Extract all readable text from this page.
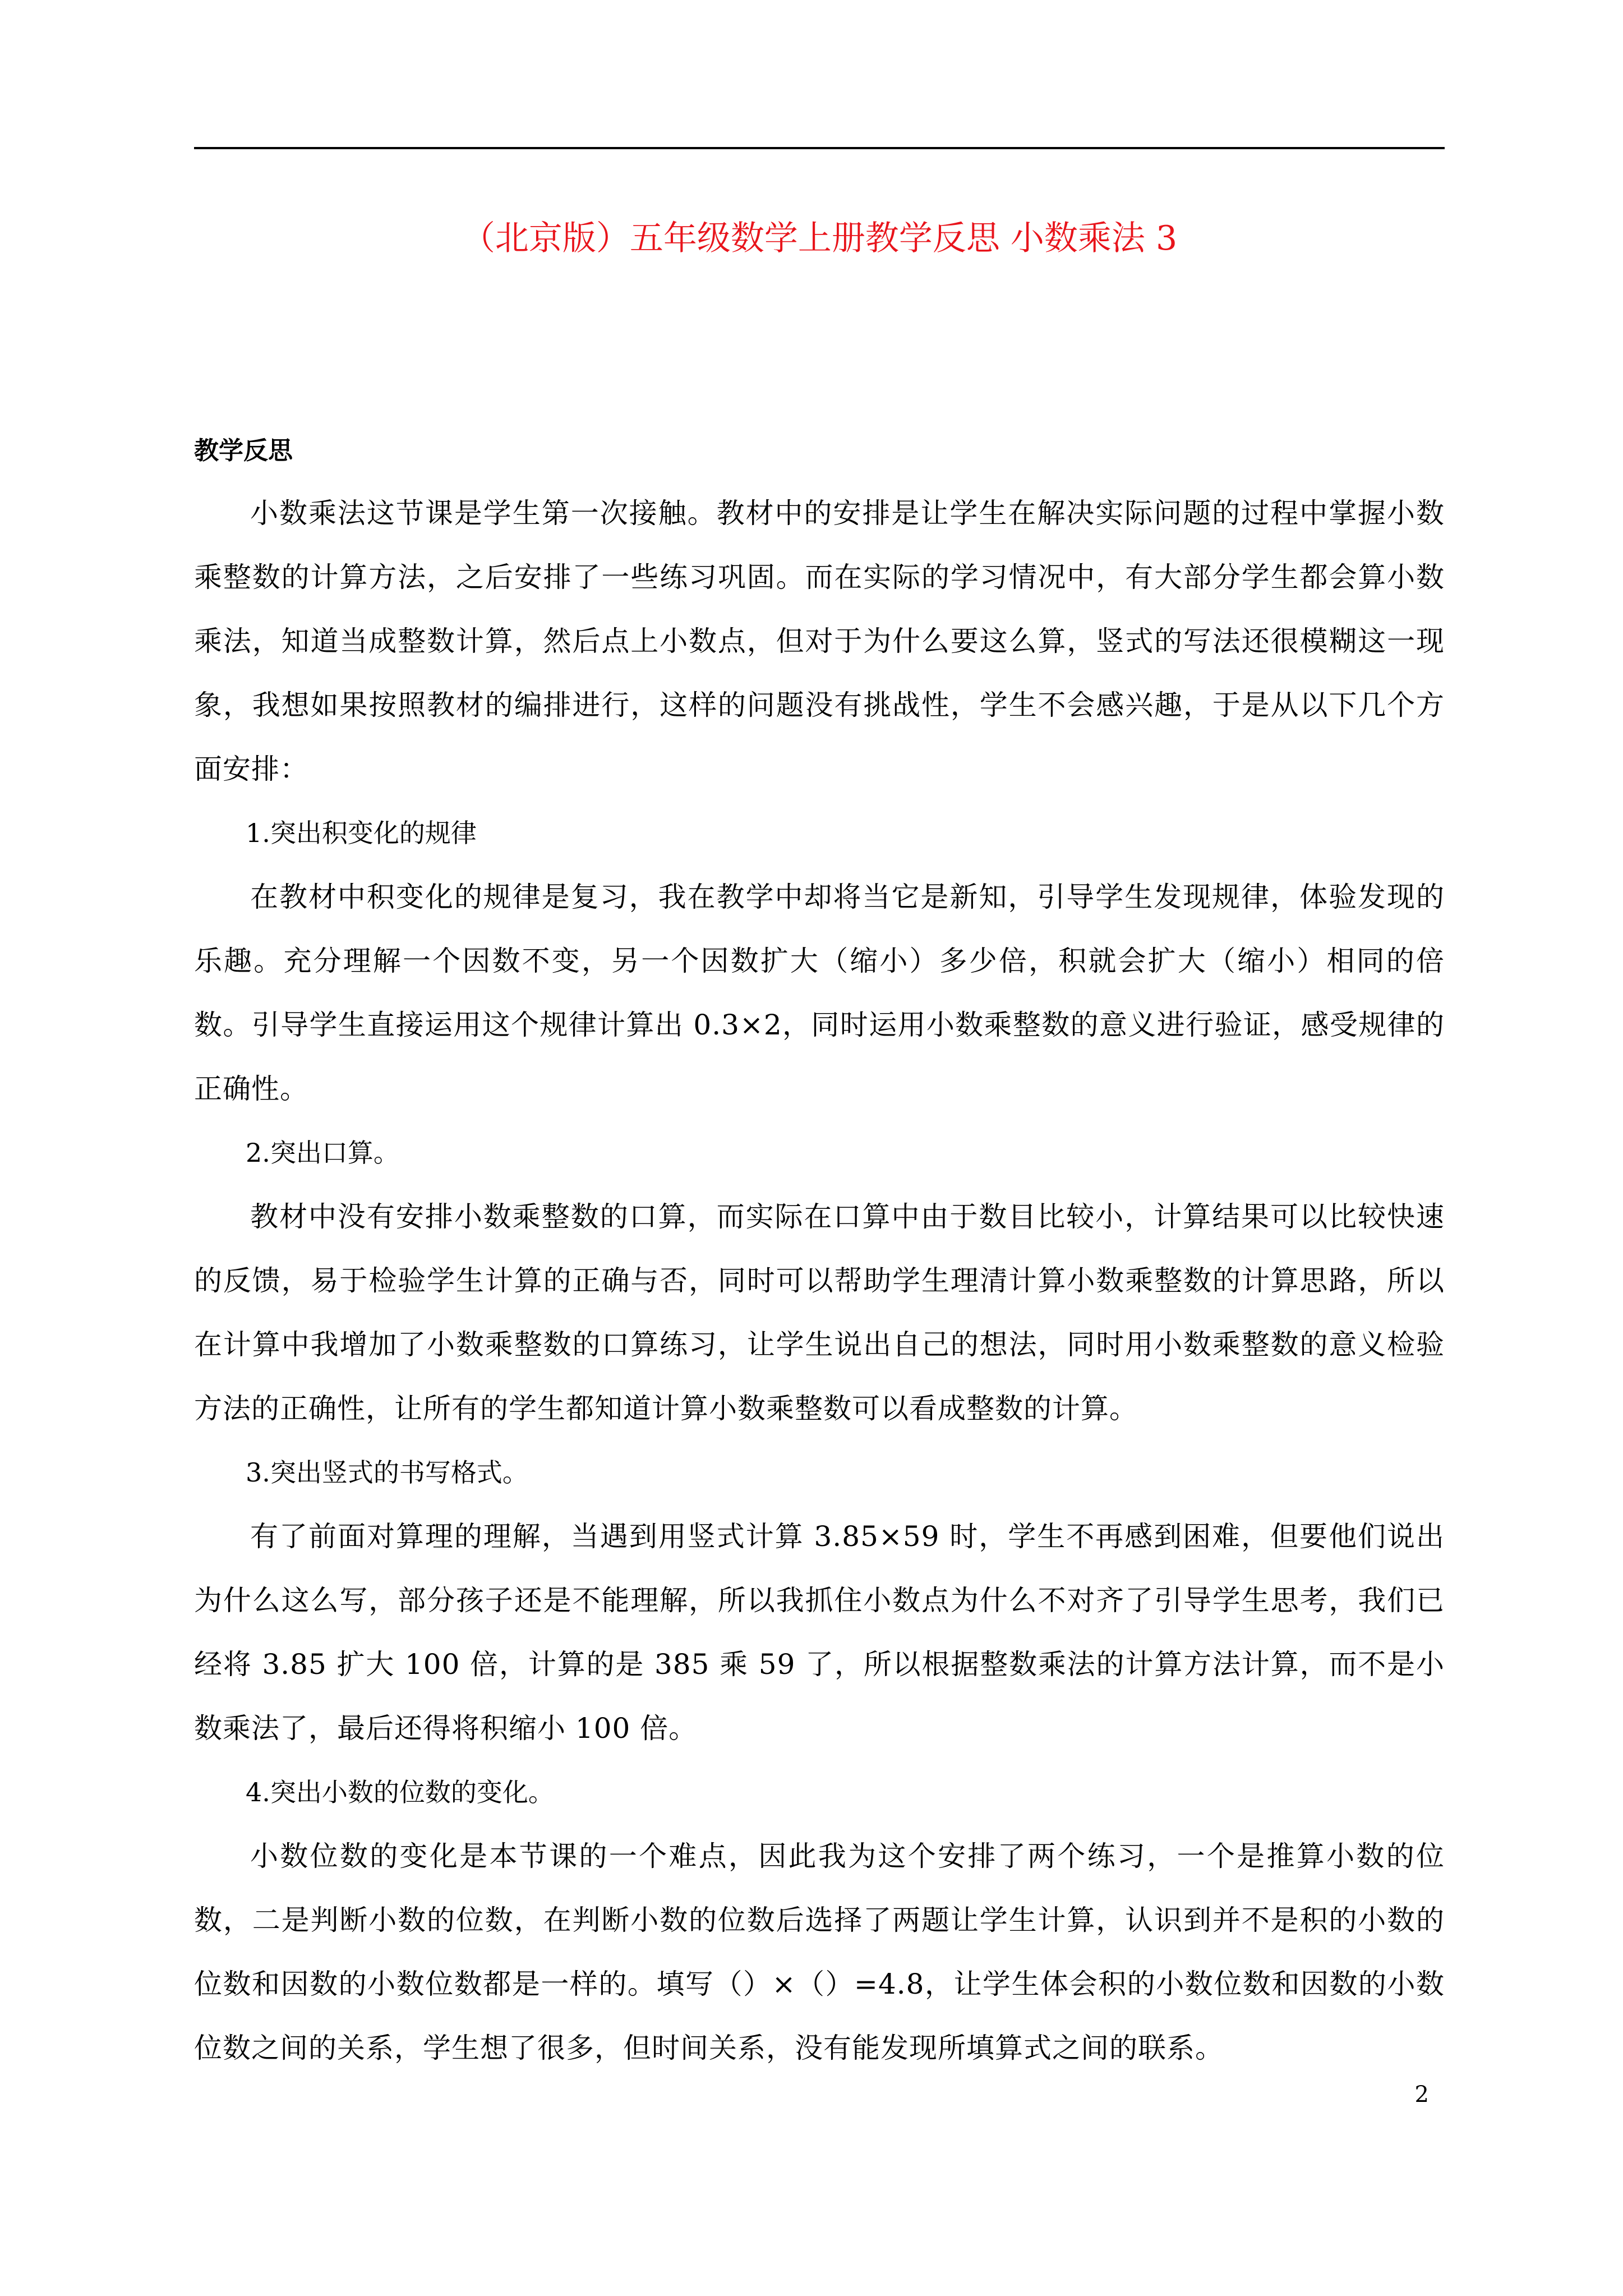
（北京版）五年级数学上册教学反思 小数乘法 3

教学反思

小数乘法这节课是学生第一次接触。教材中的安排是让学生在解决实际问题的过程中掌握小数乘整数的计算方法，之后安排了一些练习巩固。而在实际的学习情况中，有大部分学生都会算小数乘法，知道当成整数计算，然后点上小数点，但对于为什么要这么算，竖式的写法还很模糊这一现象，我想如果按照教材的编排进行，这样的问题没有挑战性，学生不会感兴趣，于是从以下几个方面安排：

1.突出积变化的规律

在教材中积变化的规律是复习，我在教学中却将当它是新知，引导学生发现规律，体验发现的乐趣。充分理解一个因数不变，另一个因数扩大（缩小）多少倍，积就会扩大（缩小）相同的倍数。引导学生直接运用这个规律计算出 0.3×2，同时运用小数乘整数的意义进行验证，感受规律的正确性。

2.突出口算。

教材中没有安排小数乘整数的口算，而实际在口算中由于数目比较小，计算结果可以比较快速的反馈，易于检验学生计算的正确与否，同时可以帮助学生理清计算小数乘整数的计算思路，所以在计算中我增加了小数乘整数的口算练习，让学生说出自己的想法，同时用小数乘整数的意义检验方法的正确性，让所有的学生都知道计算小数乘整数可以看成整数的计算。

3.突出竖式的书写格式。

有了前面对算理的理解，当遇到用竖式计算 3.85×59 时，学生不再感到困难，但要他们说出为什么这么写，部分孩子还是不能理解，所以我抓住小数点为什么不对齐了引导学生思考，我们已经将 3.85 扩大 100 倍，计算的是 385 乘 59 了，所以根据整数乘法的计算方法计算，而不是小数乘法了，最后还得将积缩小 100 倍。

4.突出小数的位数的变化。

小数位数的变化是本节课的一个难点，因此我为这个安排了两个练习，一个是推算小数的位数，二是判断小数的位数，在判断小数的位数后选择了两题让学生计算，认识到并不是积的小数的位数和因数的小数位数都是一样的。填写（）×（）=4.8，让学生体会积的小数位数和因数的小数位数之间的关系，学生想了很多，但时间关系，没有能发现所填算式之间的联系。

2
